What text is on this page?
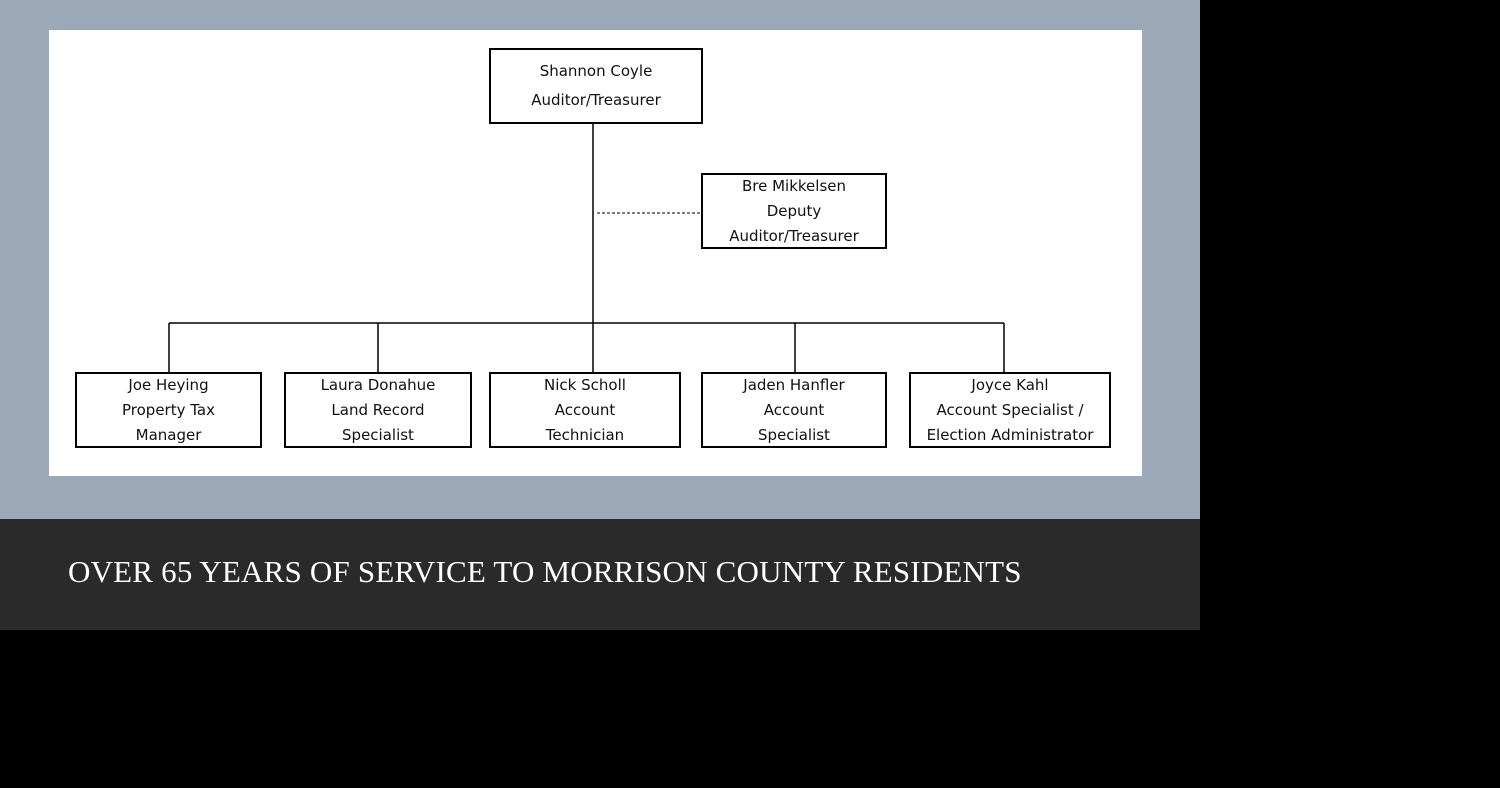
Shannon Coyle
Auditor/Treasurer
Bre Mikkelsen
Deputy
Auditor/Treasurer
Joe Heying
Property Tax
Manager
Laura Donahue
Land Record
Specialist
Nick Scholl
Account
Technician
Jaden Hanfler
Account
Specialist
Joyce Kahl
Account Specialist /
Election Administrator
OVER 65 YEARS OF SERVICE TO MORRISON COUNTY RESIDENTS
